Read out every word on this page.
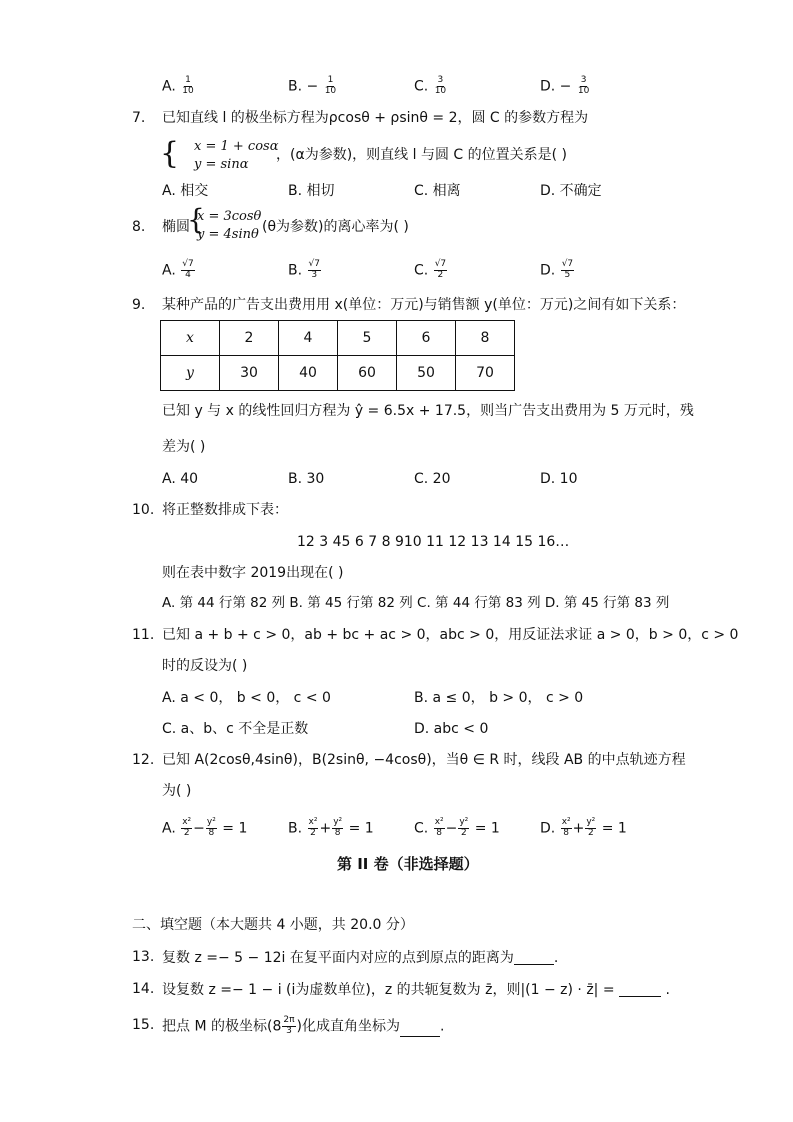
A. $\frac{1}{10}$	B. − $\frac{1}{10}$	C. $\frac{3}{10}$	D. − $\frac{3}{10}$
7. 已知直线 l 的极坐标方程为ρcosθ + ρsinθ = 2，圆 C 的参数方程为
{ x = 1 + cosα
y = sinα
，(α为参数)，则直线 l 与圆 C 的位置关系是( )
A. 相交	B. 相切	C. 相离	D. 不确定
8. 椭圆
{
x = 3cosθ
y = 4sinθ (θ为参数)的离心率为( )
A. $\frac{√7}{4}$	B. $\frac{√7}{3}$	C. $\frac{√7}{2}$	D. $\frac{√7}{5}$
9. 某种产品的广告支出费用用 x(单位：万元)与销售额 y(单位：万元)之间有如下关系：
x	2	4	5	6	8
y	30	40	60	50	70
已知 y 与 x 的线性回归方程为 ŷ = 6.5x + 17.5，则当广告支出费用为 5 万元时，残
差为( )
A. 40	B. 30	C. 20	D. 10
10. 将正整数排成下表：
12 3 45 6 7 8 910 11 12 13 14 15 16…
则在表中数字 2019出现在( )
A. 第 44 行第 82 列 B. 第 45 行第 82 列 C. 第 44 行第 83 列 D. 第 45 行第 83 列
11. 已知 a + b + c > 0，ab + bc + ac > 0，abc > 0，用反证法求证 a > 0，b > 0，c > 0
时的反设为( )
A. a < 0， b < 0， c < 0	B. a ≤ 0， b > 0， c > 0
C. a、b、c 不全是正数	D. abc < 0
12. 已知 A(2cosθ,4sinθ)，B(2sinθ, −4cosθ)，当θ ∈ R 时，线段 AB 的中点轨迹方程
为( )
A. $\frac{\text{x²}}{2} - \frac{\text{y²}}{8} = 1$	B. $\frac{\text{x²}}{2} + \frac{\text{y²}}{8} = 1$	C. $\frac{\text{x²}}{8} - \frac{\text{y²}}{2} = 1$	D. $\frac{\text{x²}}{8} + \frac{\text{y²}}{2} = 1$
第 II 卷（非选择题）
二、填空题（本大题共 4 小题，共 20.0 分）
13. 复数 z =− 5 − 12i 在复平面内对应的点到原点的距离为	.
14. 设复数 z =− 1 − i (i为虚数单位)，z 的共轭复数为 z̄，则|(1 − z) · z̄| =	.
15. 把点 M 的极坐标($8 \frac{2\pi}{3}$ )化成直角坐标为	.
